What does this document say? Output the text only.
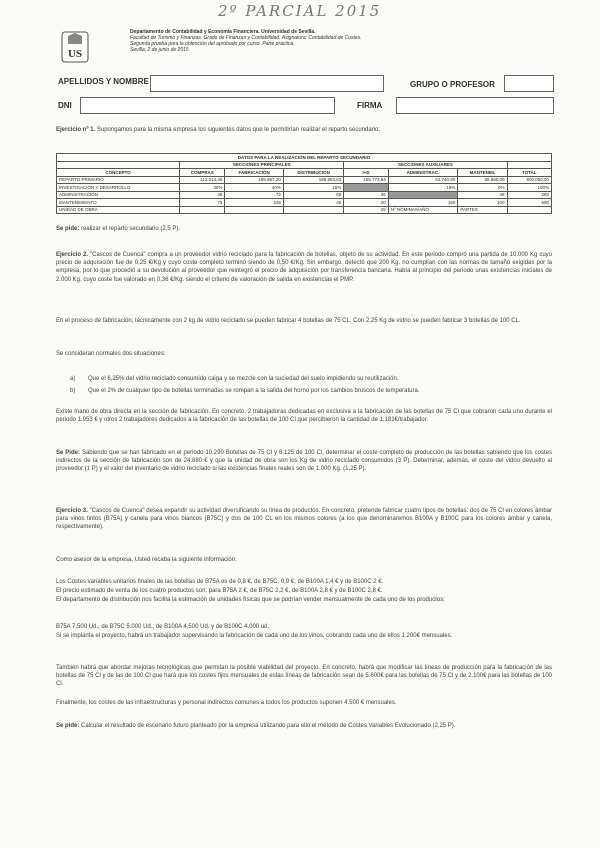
2º PARCIAL 2015
US
Departamento de Contabilidad y Economía Financiera. Universidad de Sevilla.
Facultad de Turismo y Finanzas. Grado de Finanzas y Contabilidad. Asignatura: Contabilidad de Costes.
Segunda prueba para la obtención del aprobado por curso. Parte práctica.
Sevilla, 2 de junio de 2015
APELLIDOS Y NOMBRE	GRUPO O PROFESOR
DNI	FIRMA
Ejercicio nº 1. Supongamos para la misma empresa los siguientes datos que le permitirían realizar el reparto secundario:
DATOS PARA LA REALIZACIÓN DEL REPARTO SECUNDARIO							
	SECCIONES PRINCIPALES			SECCIONES AUXILIARES			
CONCEPTO	COMPRAS	FABRICACIÓN	DISTRIBUCIÓN	I+D	ADMINISTRAC.	MANTENIM.	TOTAL
REPARTO PRIMARIO	112.514,46	185.967,20	189.983,63	155.773,84	64.740,80	88.560,00	800.000,00
INVESTIGACIÓN Y DESARROLLO	30%	40%	15%		15%	0%	100%
ADMINISTRACIÓN	48	72	60	36		48	280
MANTENIMIENTO	75	225	40	20	150	100	690
UNIDAD DE OBRA				25	Nº NÓMINAS/AÑO	PARTES	
Se pide: realizar el reparto secundario (2,5 P).
Ejercicio 2. "Cascos de Cuenca" compra a un proveedor vidrio reciclado para la fabricación de botellas, objeto de su actividad. En este periodo compró una partida de 10.000 Kg cuyo precio de adquisición fue de 0,25 €/Kg y cuyo coste completo terminó siendo de 0,50 €/Kg. Sin embargo, detectó que 200 Kg. no cumplían con las normas de tamaño exigidas por la empresa, por lo que procedió a su devolución al proveedor que reintegró el precio de adquisición por transferencia bancaria. Había al principio del periodo unas existencias iniciales de 2.000 Kg. cuyo coste fue valorado en 0,36 €/Kg. siendo el criterio de valoración de salida en existencias el PMP.
En el proceso de fabricación, técnicamente con 2 kg de vidrio reciclado se pueden fabricar 4 botellas de 75 CL. Con 2,25 Kg de vidrio se pueden fabricar 3 botellas de 100 CL.
Se consideran normales dos situaciones:
a) Que el 6,25% del vidrio reciclado consumido caiga y se mezcle con la suciedad del suelo impidiendo su reutilización.
b) Que el 2% de cualquier tipo de botellas terminadas se rompan a la salida del horno por los cambios bruscos de temperatura.
Existe mano de obra directa en la sección de fabricación. En concreto, 2 trabajadoras dedicadas en exclusiva a la fabricación de las botellas de 75 Cl que cobraron cada uno durante el periodo 1.953 € y otros 2 trabajadores dedicados a la fabricación de las botellas de 100 Cl que percibieron la cantidad de 1.181€/trabajador.
Se Pide: Sabiendo que se han fabricado en el periodo 10.290 Botellas de 75 Cl y 6.125 de 100 Cl, determinar el coste completo de producción de las botellas sabiendo que los costes indirectos de la sección de fabricación son de 24.880 € y que la unidad de obra son los Kg de vidrio reciclado consumidos (3 P). Determinar, además, el coste del vidrio devuelto al proveedor (1 P) y el valor del inventario de vidrio reciclado si las existencias finales reales son de 1.000 Kg. (1,25 P).
Ejercicio 3. "Cascos de Cuenca" desea expandir su actividad diversificando su línea de productos. En concreto, pretende fabricar cuatro tipos de botellas: dos de 75 Cl en colores ámbar para vinos tintos (B75A) y canela para vinos blancos (B75C) y dos de 100 CL en los mismos colores (a los que denominaremos B100A y B100C para los colores ámbar y canela, respectivamente).
Como asesor de la empresa, Usted recaba la siguiente información:
Los Costes variables unitarios finales de las botellas de B75A es de 0,8 €, de B75C, 0,9 €, de B100A 1,4 € y de B100C 2 €.
El precio estimado de venta de los cuatro productos son: para B75A 2 €, de B75C 2,2 €, de B100A 2,8 € y de B100C 2,8 €.
El departamento de distribución nos facilita la estimación de unidades físicas que se podrían vender mensualmente de cada uno de los productos:
B75A 7.500 Ud., de B75C 5.000 Ud., de B100A 4.500 Ud. y de B100C 4.000 ud.
Si se implanta el proyecto, habrá un trabajador supervisando la fabricación de cada uno de los vinos, cobrando cada uno de ellos 1.200€ mensuales.
También habrá que abordar mejoras tecnológicas que permitan la posible viabilidad del proyecto. En concreto, habrá que modificar las líneas de producción para la fabricación de las botellas de 75 Cl y de las de 100 Cl que hará que los costes fijos mensuales de estas líneas de fabricación sean de 5.600€ para las botellas de 75 Cl y de 2.100€ para las botellas de 100 Cl.
Finalmente, los costes de las infraestructuras y personal indirectos comunes a todos los productos suponen 4.500 € mensuales.
Se pide: Calcular el resultado de escenario futuro planteado por la empresa utilizando para ello el método de Costes Variables Evolucionado (2,25 P).
